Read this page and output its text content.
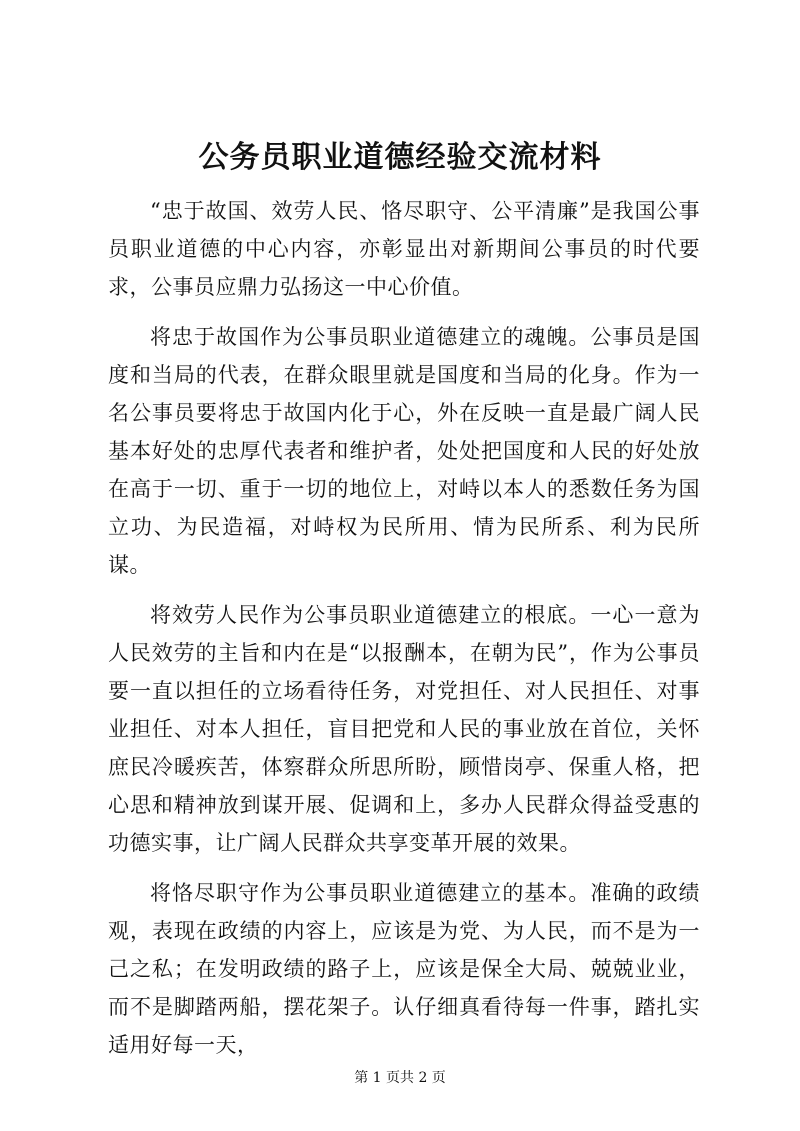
公务员职业道德经验交流材料

“忠于故国、效劳人民、恪尽职守、公平清廉”是我国公事员职业道德的中心内容，亦彰显出对新期间公事员的时代要求，公事员应鼎力弘扬这一中心价值。

将忠于故国作为公事员职业道德建立的魂魄。公事员是国度和当局的代表，在群众眼里就是国度和当局的化身。作为一名公事员要将忠于故国内化于心，外在反映一直是最广阔人民基本好处的忠厚代表者和维护者，处处把国度和人民的好处放在高于一切、重于一切的地位上，对峙以本人的悉数任务为国立功、为民造福，对峙权为民所用、情为民所系、利为民所谋。

将效劳人民作为公事员职业道德建立的根底。一心一意为人民效劳的主旨和内在是“以报酬本，在朝为民”，作为公事员要一直以担任的立场看待任务，对党担任、对人民担任、对事业担任、对本人担任，盲目把党和人民的事业放在首位，关怀庶民冷暖疾苦，体察群众所思所盼，顾惜岗亭、保重人格，把心思和精神放到谋开展、促调和上，多办人民群众得益受惠的功德实事，让广阔人民群众共享变革开展的效果。

将恪尽职守作为公事员职业道德建立的基本。准确的政绩观，表现在政绩的内容上，应该是为党、为人民，而不是为一己之私；在发明政绩的路子上，应该是保全大局、兢兢业业，而不是脚踏两船，摆花架子。认仔细真看待每一件事，踏扎实适用好每一天，

第 1 页共 2 页
